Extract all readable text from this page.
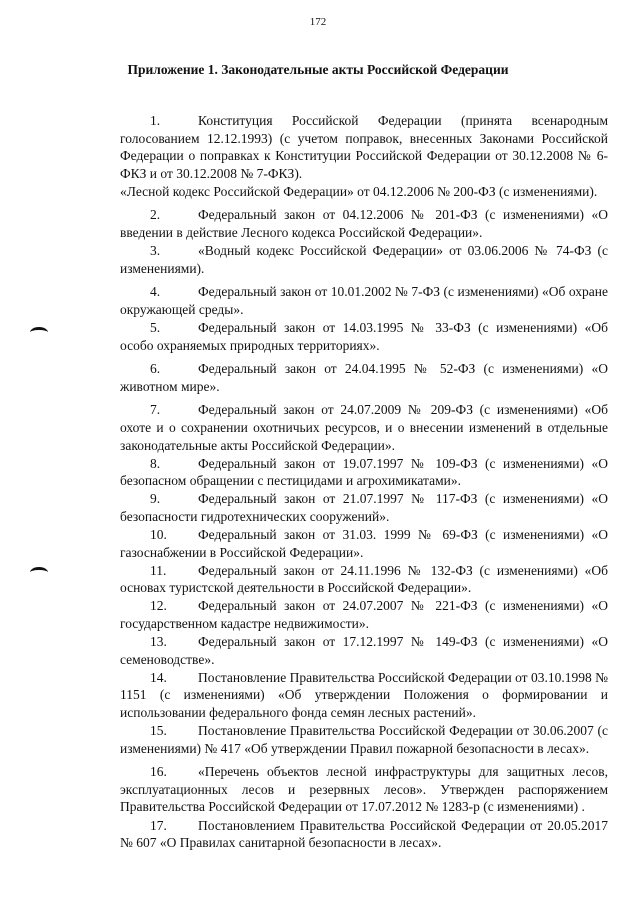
172
Приложение 1. Законодательные акты Российской Федерации

1.	Конституция Российской Федерации (принята всенародным голосованием 12.12.1993) (с учетом поправок, внесенных Законами Российской Федерации о поправках к Конституции Российской Федерации от 30.12.2008 № 6-ФКЗ и от 30.12.2008 № 7-ФКЗ).

«Лесной кодекс Российской Федерации» от 04.12.2006 № 200-ФЗ (с изменениями).

2.	Федеральный закон от 04.12.2006 № 201-ФЗ (с изменениями) «О введении в действие Лесного кодекса Российской Федерации».

3.	«Водный кодекс Российской Федерации» от 03.06.2006 № 74-ФЗ (с изменениями).

4.	Федеральный закон от 10.01.2002 № 7-ФЗ (с изменениями) «Об охране окружающей среды».

5.	Федеральный закон от 14.03.1995 № 33-ФЗ (с изменениями) «Об особо охраняемых природных территориях».

6.	Федеральный закон от 24.04.1995 № 52-ФЗ (с изменениями) «О животном мире».

7.	Федеральный закон от 24.07.2009 № 209-ФЗ (с изменениями) «Об охоте и о сохранении охотничьих ресурсов, и о внесении изменений в отдельные законодательные акты Российской Федерации».

8.	Федеральный закон от 19.07.1997 № 109-ФЗ (с изменениями) «О безопасном обращении с пестицидами и агрохимикатами».

9.	Федеральный закон от 21.07.1997 № 117-ФЗ (с изменениями) «О безопасности гидротехнических сооружений».

10. Федеральный закон от 31.03. 1999 № 69-ФЗ (с изменениями) «О газоснабжении в Российской Федерации».

11. Федеральный закон от 24.11.1996 № 132-ФЗ (с изменениями) «Об основах туристской деятельности в Российской Федерации».

12. Федеральный закон от 24.07.2007 № 221-ФЗ (с изменениями) «О государственном кадастре недвижимости».

13. Федеральный закон от 17.12.1997 № 149-ФЗ (с изменениями) «О семеноводстве».

14. Постановление Правительства Российской Федерации от 03.10.1998 № 1151 (с изменениями) «Об утверждении Положения о формировании и использовании федерального фонда семян лесных растений».

15. Постановление Правительства Российской Федерации от 30.06.2007 (с изменениями) № 417 «Об утверждении Правил пожарной безопасности в лесах».

16. «Перечень объектов лесной инфраструктуры для защитных лесов, эксплуатационных лесов и резервных лесов». Утвержден распоряжением Правительства Российской Федерации от 17.07.2012 № 1283-р (с изменениями) .

17. Постановлением Правительства Российской Федерации от 20.05.2017 № 607 «О Правилах санитарной безопасности в лесах».
